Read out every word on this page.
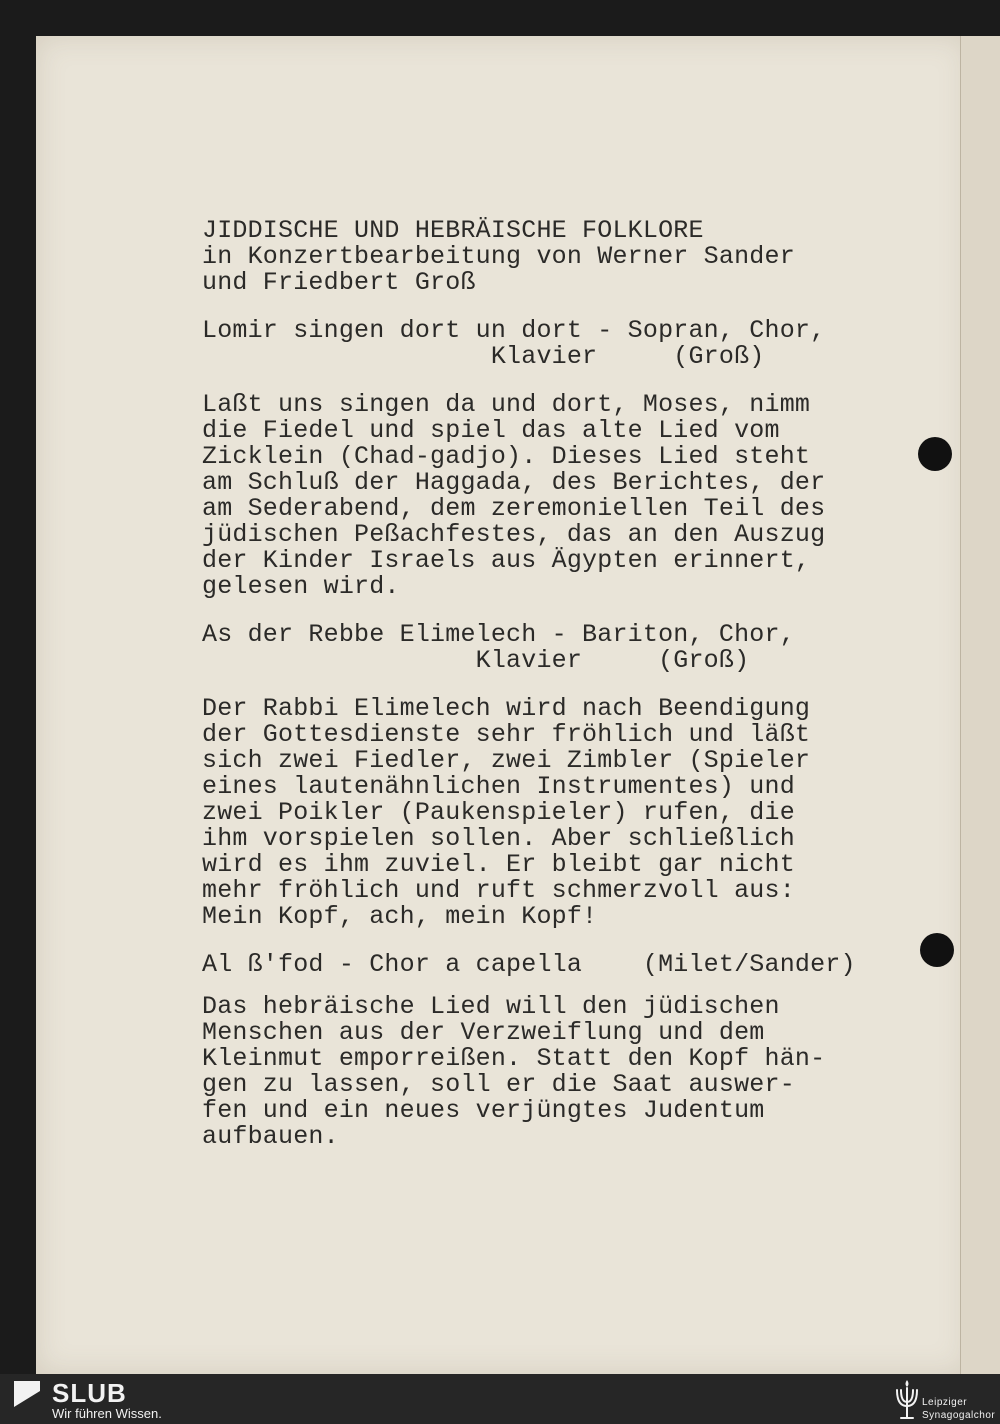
JIDDISCHE UND HEBRÄISCHE FOLKLORE
in Konzertbearbeitung von Werner Sander
und Friedbert Groß
Lomir singen dort un dort - Sopran, Chor,
Klavier     (Groß)
Laßt uns singen da und dort, Moses, nimm
die Fiedel und spiel das alte Lied vom
Zicklein (Chad-gadjo). Dieses Lied steht
am Schluß der Haggada, des Berichtes, der
am Sederabend, dem zeremoniellen Teil des
jüdischen Peßachfestes, das an den Auszug
der Kinder Israels aus Ägypten erinnert,
gelesen wird.
As der Rebbe Elimelech - Bariton, Chor,
Klavier     (Groß)
Der Rabbi Elimelech wird nach Beendigung
der Gottesdienste sehr fröhlich und läßt
sich zwei Fiedler, zwei Zimbler (Spieler
eines lautenähnlichen Instrumentes) und
zwei Poikler (Paukenspieler) rufen, die
ihm vorspielen sollen. Aber schließlich
wird es ihm zuviel. Er bleibt gar nicht
mehr fröhlich und ruft schmerzvoll aus:
Mein Kopf, ach, mein Kopf!
Al ß'fod - Chor a capella    (Milet/Sander)
Das hebräische Lied will den jüdischen
Menschen aus der Verzweiflung und dem
Kleinmut emporreißen. Statt den Kopf hän-
gen zu lassen, soll er die Saat auswer-
fen und ein neues verjüngtes Judentum
aufbauen.
SLUB
Wir führen Wissen.
Leipziger
Synagogalchor
